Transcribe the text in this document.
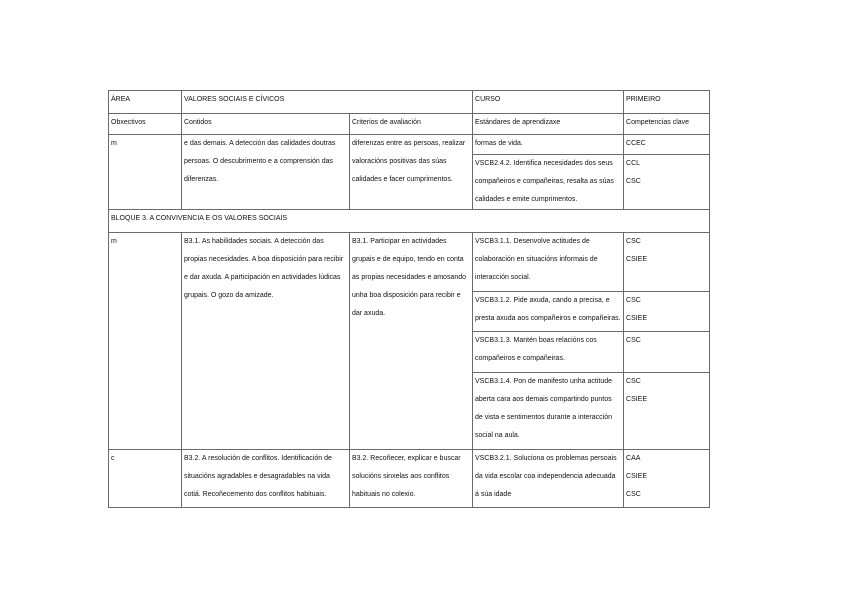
ÁREA	VALORES SOCIAIS E CÍVICOS		CURSO	PRIMEIRO
Obxectivos	Contidos	Criterios de avaliación	Estándares de aprendizaxe	Competencias clave
m	e das demais. A detección das calidades doutras persoas. O descubrimento e a comprensión das diferenzas.	diferenzas entre as persoas, realizar valoracións positivas das súas calidades e facer cumprimentos.	formas de vida.	CCEC

			VSCB2.4.2. Identifica necesidades dos seus compañeiros e compañeiras, resalta as súas calidades e emite cumprimentos.	CCL
CSC

BLOQUE 3. A CONVIVENCIA E OS VALORES SOCIAIS				
m	B3.1. As habilidades sociais. A detección das propias necesidades. A boa disposición para recibir e dar axuda. A participación en actividades lúdicas grupais. O gozo da amizade.	B3.1. Participar en actividades grupais e de equipo, tendo en conta as propias necesidades e amosando unha boa disposición para recibir e dar axuda.	VSCB3.1.1. Desenvolve actitudes de colaboración en situacións informais de interacción social.	CSC
CSIEE

			VSCB3.1.2. Pide axuda, cando a precisa, e presta axuda aos compañeiros e compañeiras.	CSC
CSIEE

			VSCB3.1.3. Mantén boas relacións cos compañeiros e compañeiras.	CSC

			VSCB3.1.4. Pon de manifesto unha actitude aberta cara aos demais compartindo puntos de vista e sentimentos durante a interacción social na aula.	CSC
CSIEE

c	B3.2. A resolución de conflitos. Identificación de situacións agradables e desagradables na vida cotiá. Recoñecemento dos conflitos habituais.	B3.2. Recoñecer, explicar e buscar solucións sinxelas aos conflitos habituais no colexio.	VSCB3.2.1. Soluciona os problemas persoais da vida escolar coa independencia adecuada á súa idade	CAA
CSIEE
CSC
